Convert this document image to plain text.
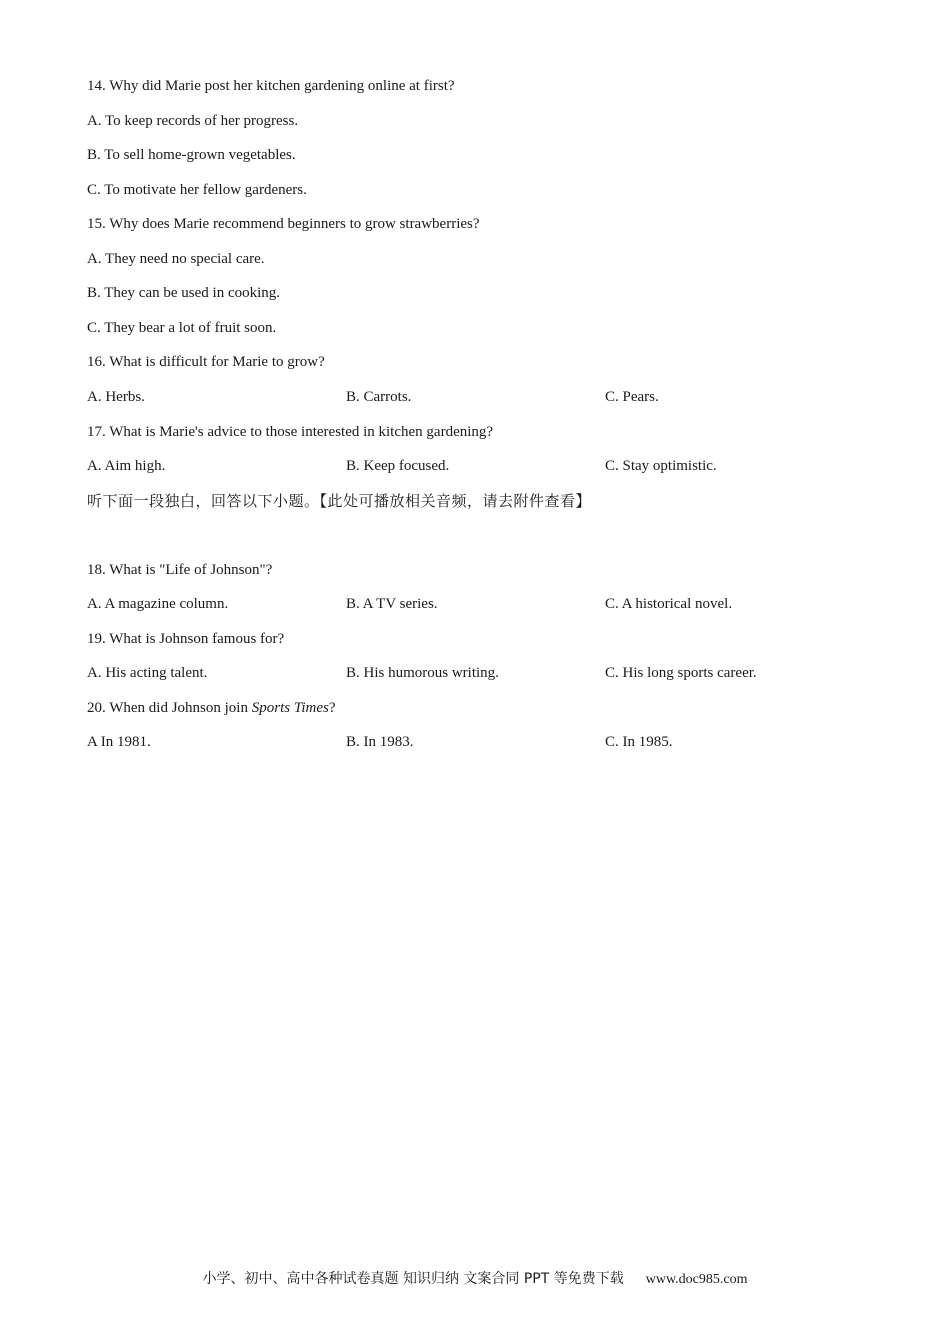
14. Why did Marie post her kitchen gardening online at first?
A. To keep records of her progress.
B. To sell home-grown vegetables.
C. To motivate her fellow gardeners.
15. Why does Marie recommend beginners to grow strawberries?
A. They need no special care.
B. They can be used in cooking.
C. They bear a lot of fruit soon.
16. What is difficult for Marie to grow?
A. Herbs.	B. Carrots.	C. Pears.
17. What is Marie's advice to those interested in kitchen gardening?
A. Aim high.	B. Keep focused.	C. Stay optimistic.
听下面一段独白，回答以下小题。【此处可播放相关音频，请去附件查看】
18. What is "Life of Johnson"?
A. A magazine column.	B. A TV series.	C. A historical novel.
19. What is Johnson famous for?
A. His acting talent.	B. His humorous writing.	C. His long sports career.
20. When did Johnson join Sports Times?
A In 1981.	B. In 1983.	C. In 1985.
小学、初中、高中各种试卷真题 知识归纳 文案合同 PPT 等免费下载 www.doc985.com
